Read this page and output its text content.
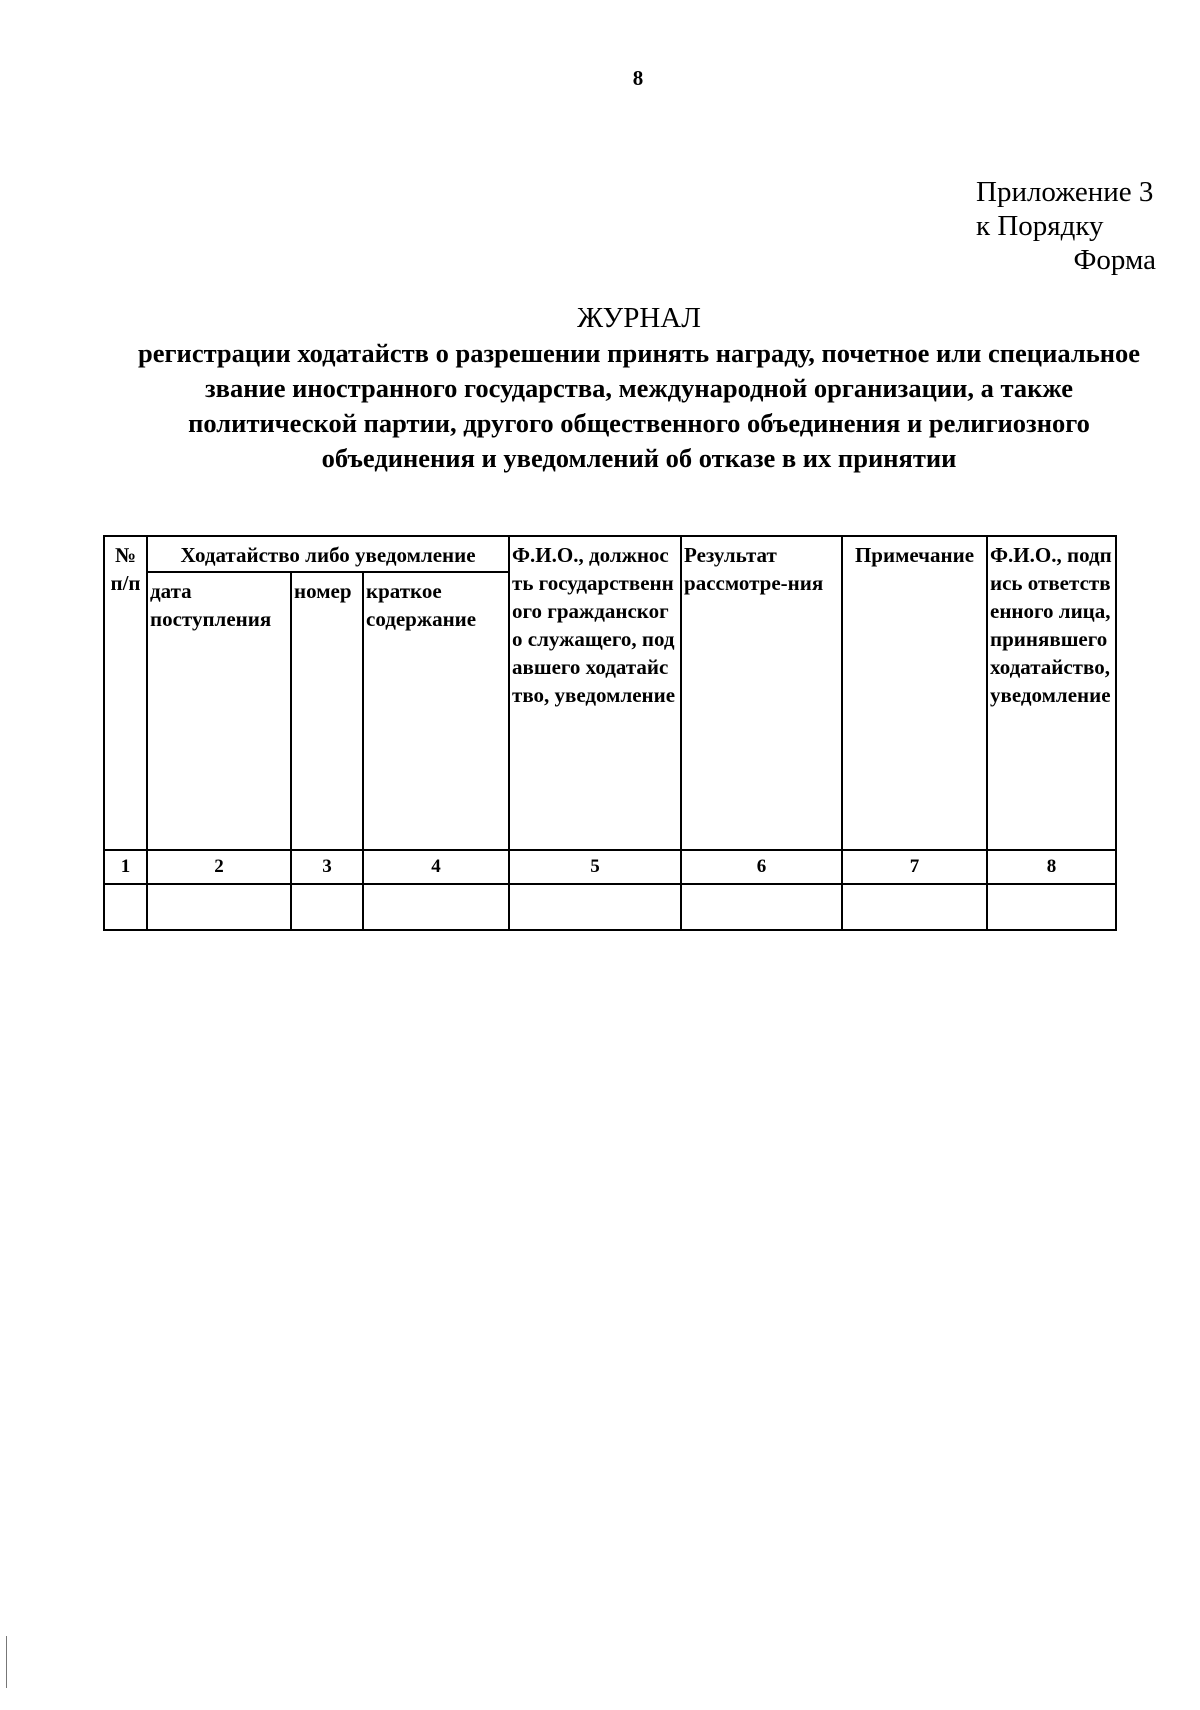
8
Приложение 3
к Порядку
Форма
ЖУРНАЛ
регистрации ходатайств о разрешении принять награду, почетное или специальное звание иностранного государства, международной организации, а также политической партии, другого общественного объединения и религиозного объединения и уведомлений об отказе в их принятии
№ п/п	Ходатайство либо уведомление			Ф.И.О., должность государственного гражданского служащего, подавшего ходатайство, уведомление	Результат рассмотре-ния	Примечание	Ф.И.О., подпись ответственного лица, принявшего ходатайство, уведомление
	дата поступления	номер	краткое содержание				
1	2	3	4	5	6	7	8
